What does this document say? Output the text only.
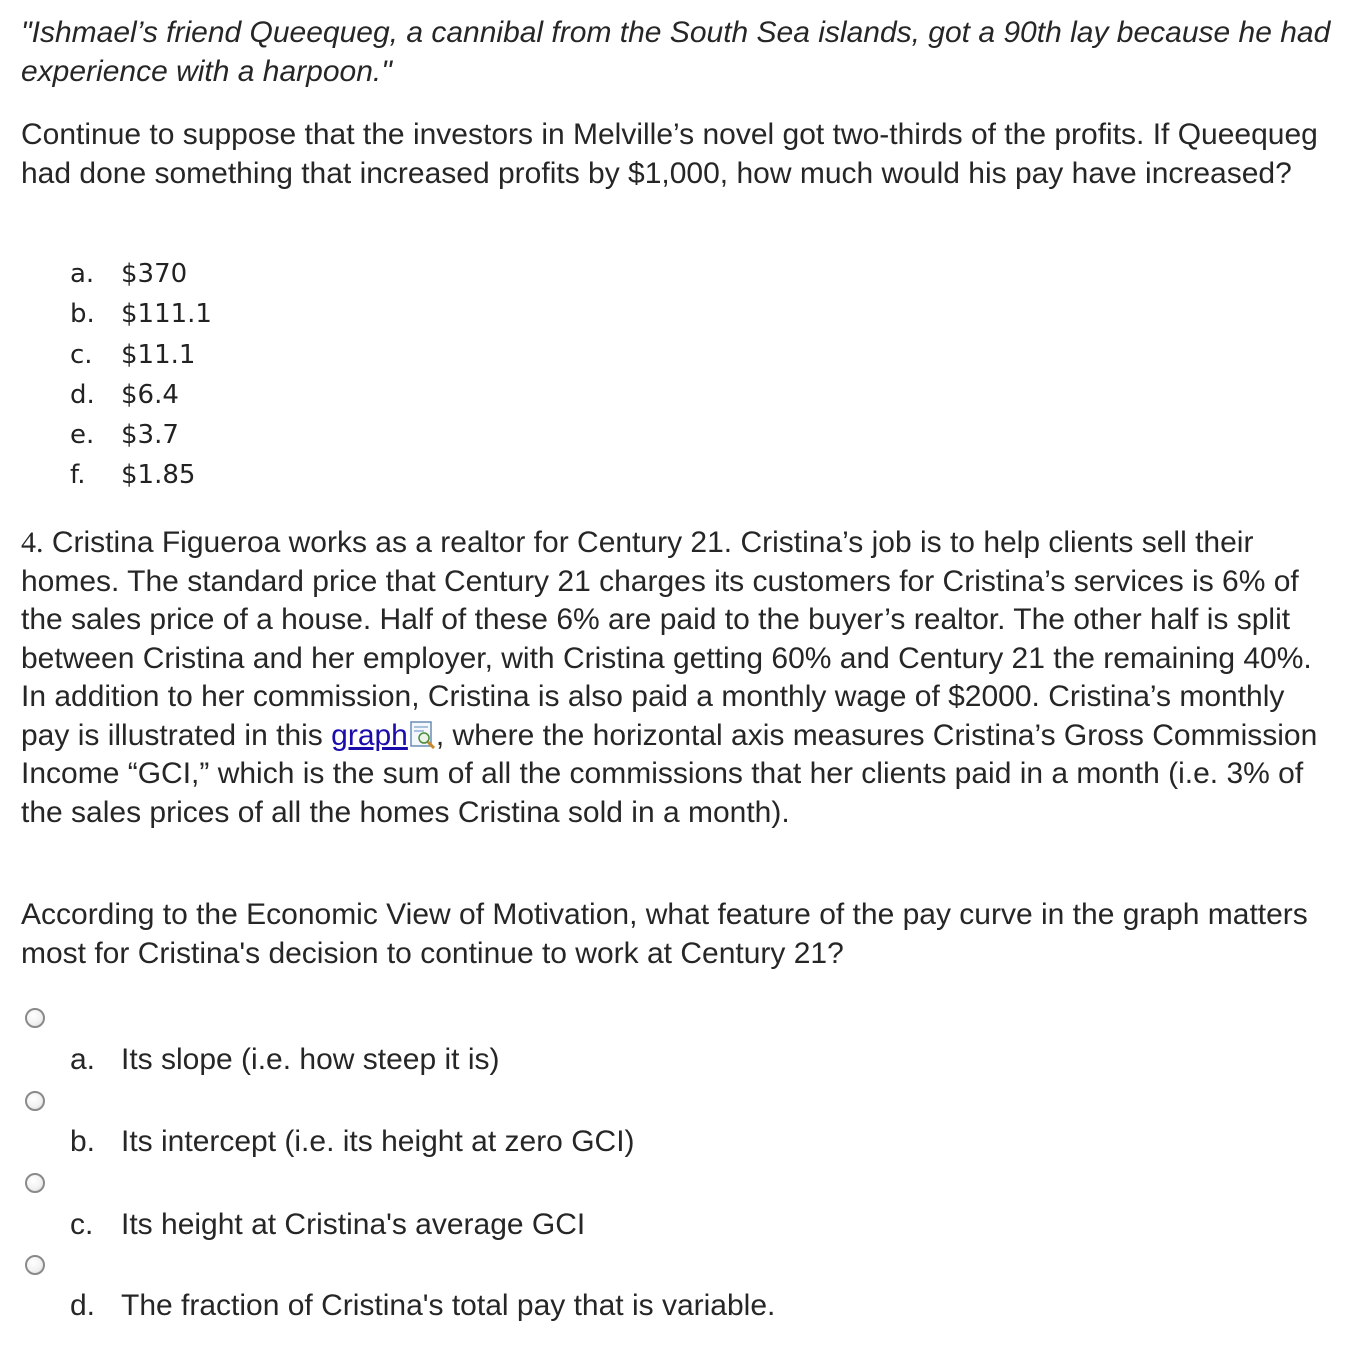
"Ishmael’s friend Queequeg, a cannibal from the South Sea islands, got a 90th lay because he had experience with a harpoon."

Continue to suppose that the investors in Melville’s novel got two-thirds of the profits. If Queequeg had done something that increased profits by $1,000, how much would his pay have increased?

a.	$370
b.	$111.1
c.	$11.1
d.	$6.4
e.	$3.7
f.	$1.85

4. Cristina Figueroa works as a realtor for Century 21. Cristina’s job is to help clients sell their homes. The standard price that Century 21 charges its customers for Cristina’s services is 6% of the sales price of a house. Half of these 6% are paid to the buyer’s realtor. The other half is split between Cristina and her employer, with Cristina getting 60% and Century 21 the remaining 40%. In addition to her commission, Cristina is also paid a monthly wage of $2000. Cristina’s monthly pay is illustrated in this graph , where the horizontal axis measures Cristina’s Gross Commission Income “GCI,” which is the sum of all the commissions that her clients paid in a month (i.e. 3% of the sales prices of all the homes Cristina sold in a month).

According to the Economic View of Motivation, what feature of the pay curve in the graph matters most for Cristina's decision to continue to work at Century 21?

a. Its slope (i.e. how steep it is)
b. Its intercept (i.e. its height at zero GCI)
c. Its height at Cristina's average GCI
d. The fraction of Cristina's total pay that is variable.
